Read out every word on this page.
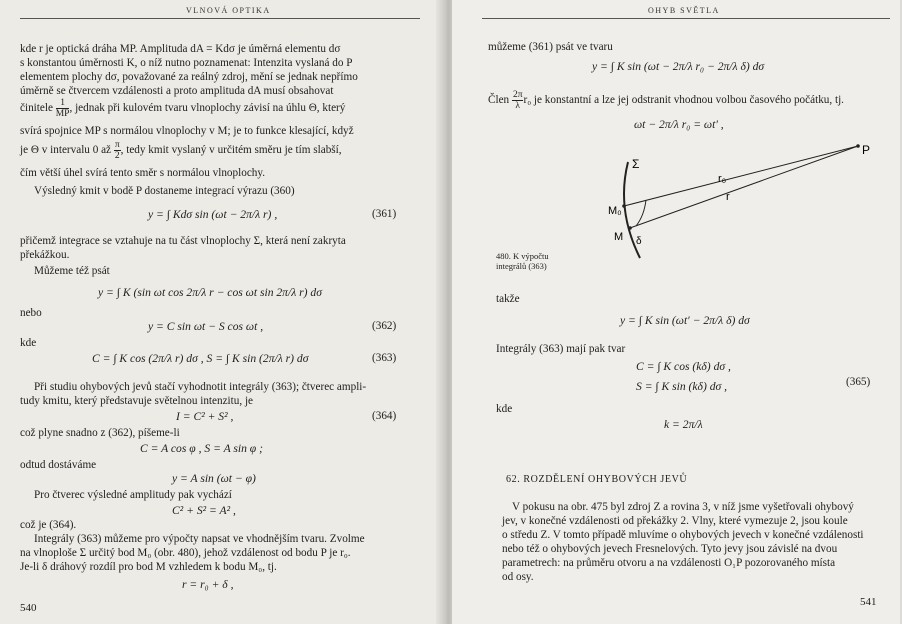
VLNOVÁ OPTIKA
kde r je optická dráha MP. Amplituda dA = Kdσ je úměrná elementu dσ
s konstantou úměrnosti K, o níž nutno poznamenat: Intenzita vyslaná do P
elementem plochy dσ, považované za reálný zdroj, mění se jednak nepřímo
úměrně se čtvercem vzdálenosti a proto amplituda dA musí obsahovat
činitele $\frac{1}{MP}$ , jednak při kulovém tvaru vlnoplochy závisí na úhlu Θ, který
svírá spojnice MP s normálou vlnoplochy v M; je to funkce klesající, když
je Θ v intervalu 0 až $\frac{\pi}{2}$ , tedy kmit vyslaný v určitém směru je tím slabší,
čím větší úhel svírá tento směr s normálou vlnoplochy.
Výsledný kmit v bodě P dostaneme integrací výrazu (360)
y = ∫ Kdσ sin (ωt − 2π/λ r) ,	(361)
přičemž integrace se vztahuje na tu část vlnoplochy Σ, která není zakryta
překážkou.
Můžeme též psát
y = ∫ K (sin ωt cos 2π/λ r − cos ωt sin 2π/λ r) dσ
nebo
y = C sin ωt − S cos ωt ,	(362)
kde
C = ∫ K cos (2π/λ r) dσ , S = ∫ K sin (2π/λ r) dσ	(363)
Při studiu ohybových jevů stačí vyhodnotit integrály (363); čtverec ampli-
tudy kmitu, který představuje světelnou intenzitu, je
I = C² + S² ,	(364)
což plyne snadno z (362), píšeme-li
C = A cos φ , S = A sin φ ;
odtud dostáváme
y = A sin (ωt − φ)
Pro čtverec výsledné amplitudy pak vychází
C² + S² = A² ,
což je (364).
Integrály (363) můžeme pro výpočty napsat ve vhodnějším tvaru. Zvolme
na vlnoploše Σ určitý bod M₀ (obr. 480), jehož vzdálenost od bodu P je r₀.
Je-li δ dráhový rozdíl pro bod M vzhledem k bodu M₀, tj.
r = r₀ + δ ,
540
OHYB SVĚTLA
můžeme (361) psát ve tvaru
y = ∫ K sin (ωt − 2π/λ r₀ − 2π/λ δ) dσ
Člen $\frac{2\pi}{\lambda} r_0$ je konstantní a lze jej odstranit vhodnou volbou časového počátku, tj.
ωt − 2π/λ r₀ = ωt′ ,
Σ
P
M₀
M
r₀
r
δ
480. K výpočtu
integrálů (363)
takže
y = ∫ K sin (ωt′ − 2π/λ δ) dσ
Integrály (363) mají pak tvar
C = ∫ K cos (kδ) dσ ,
S = ∫ K sin (kδ) dσ ,	(365)
kde
k = 2π/λ
62. ROZDĚLENÍ OHYBOVÝCH JEVŮ
V pokusu na obr. 475 byl zdroj Z a rovina 3, v níž jsme vyšetřovali ohybový
jev, v konečné vzdálenosti od překážky 2. Vlny, které vymezuje 2, jsou koule
o středu Z. V tomto případě mluvíme o ohybových jevech v konečné vzdálenosti
nebo též o ohybových jevech Fresnelových. Tyto jevy jsou závislé na dvou
parametrech: na průměru otvoru a na vzdálenosti O₁P pozorovaného místa
od osy.
541
